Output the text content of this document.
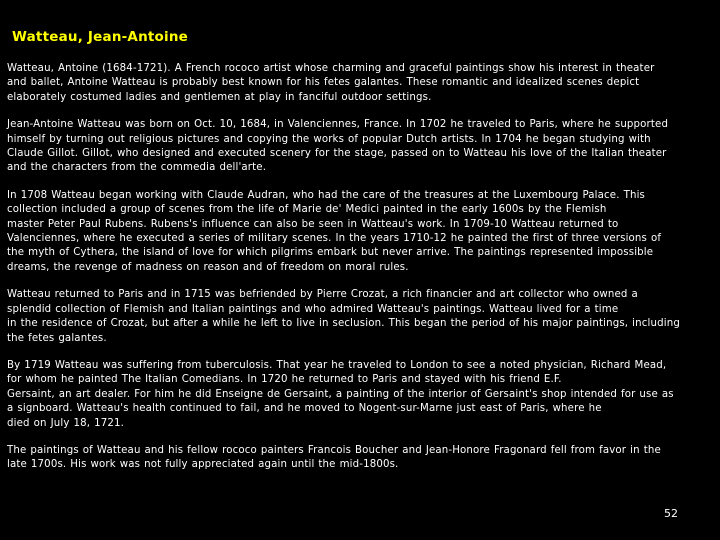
Watteau, Jean-Antoine

Watteau, Antoine (1684-1721). A French rococo artist whose charming and graceful paintings show his interest in theater
and ballet, Antoine Watteau is probably best known for his fetes galantes. These romantic and idealized scenes depict
elaborately costumed ladies and gentlemen at play in fanciful outdoor settings.

Jean-Antoine Watteau was born on Oct. 10, 1684, in Valenciennes, France. In 1702 he traveled to Paris, where he supported
himself by turning out religious pictures and copying the works of popular Dutch artists. In 1704 he began studying with
Claude Gillot. Gillot, who designed and executed scenery for the stage, passed on to Watteau his love of the Italian theater
and the characters from the commedia dell'arte.

In 1708 Watteau began working with Claude Audran, who had the care of the treasures at the Luxembourg Palace. This
collection included a group of scenes from the life of Marie de' Medici painted in the early 1600s by the Flemish
master Peter Paul Rubens. Rubens's influence can also be seen in Watteau's work. In 1709-10 Watteau returned to
Valenciennes, where he executed a series of military scenes. In the years 1710-12 he painted the first of three versions of
the myth of Cythera, the island of love for which pilgrims embark but never arrive. The paintings represented impossible
dreams, the revenge of madness on reason and of freedom on moral rules.

Watteau returned to Paris and in 1715 was befriended by Pierre Crozat, a rich financier and art collector who owned a
splendid collection of Flemish and Italian paintings and who admired Watteau's paintings. Watteau lived for a time
in the residence of Crozat, but after a while he left to live in seclusion. This began the period of his major paintings, including
the fetes galantes.

By 1719 Watteau was suffering from tuberculosis. That year he traveled to London to see a noted physician, Richard Mead,
for whom he painted The Italian Comedians. In 1720 he returned to Paris and stayed with his friend E.F.
Gersaint, an art dealer. For him he did Enseigne de Gersaint, a painting of the interior of Gersaint's shop intended for use as
a signboard. Watteau's health continued to fail, and he moved to Nogent-sur-Marne just east of Paris, where he
died on July 18, 1721.

The paintings of Watteau and his fellow rococo painters Francois Boucher and Jean-Honore Fragonard fell from favor in the
late 1700s. His work was not fully appreciated again until the mid-1800s.

52
